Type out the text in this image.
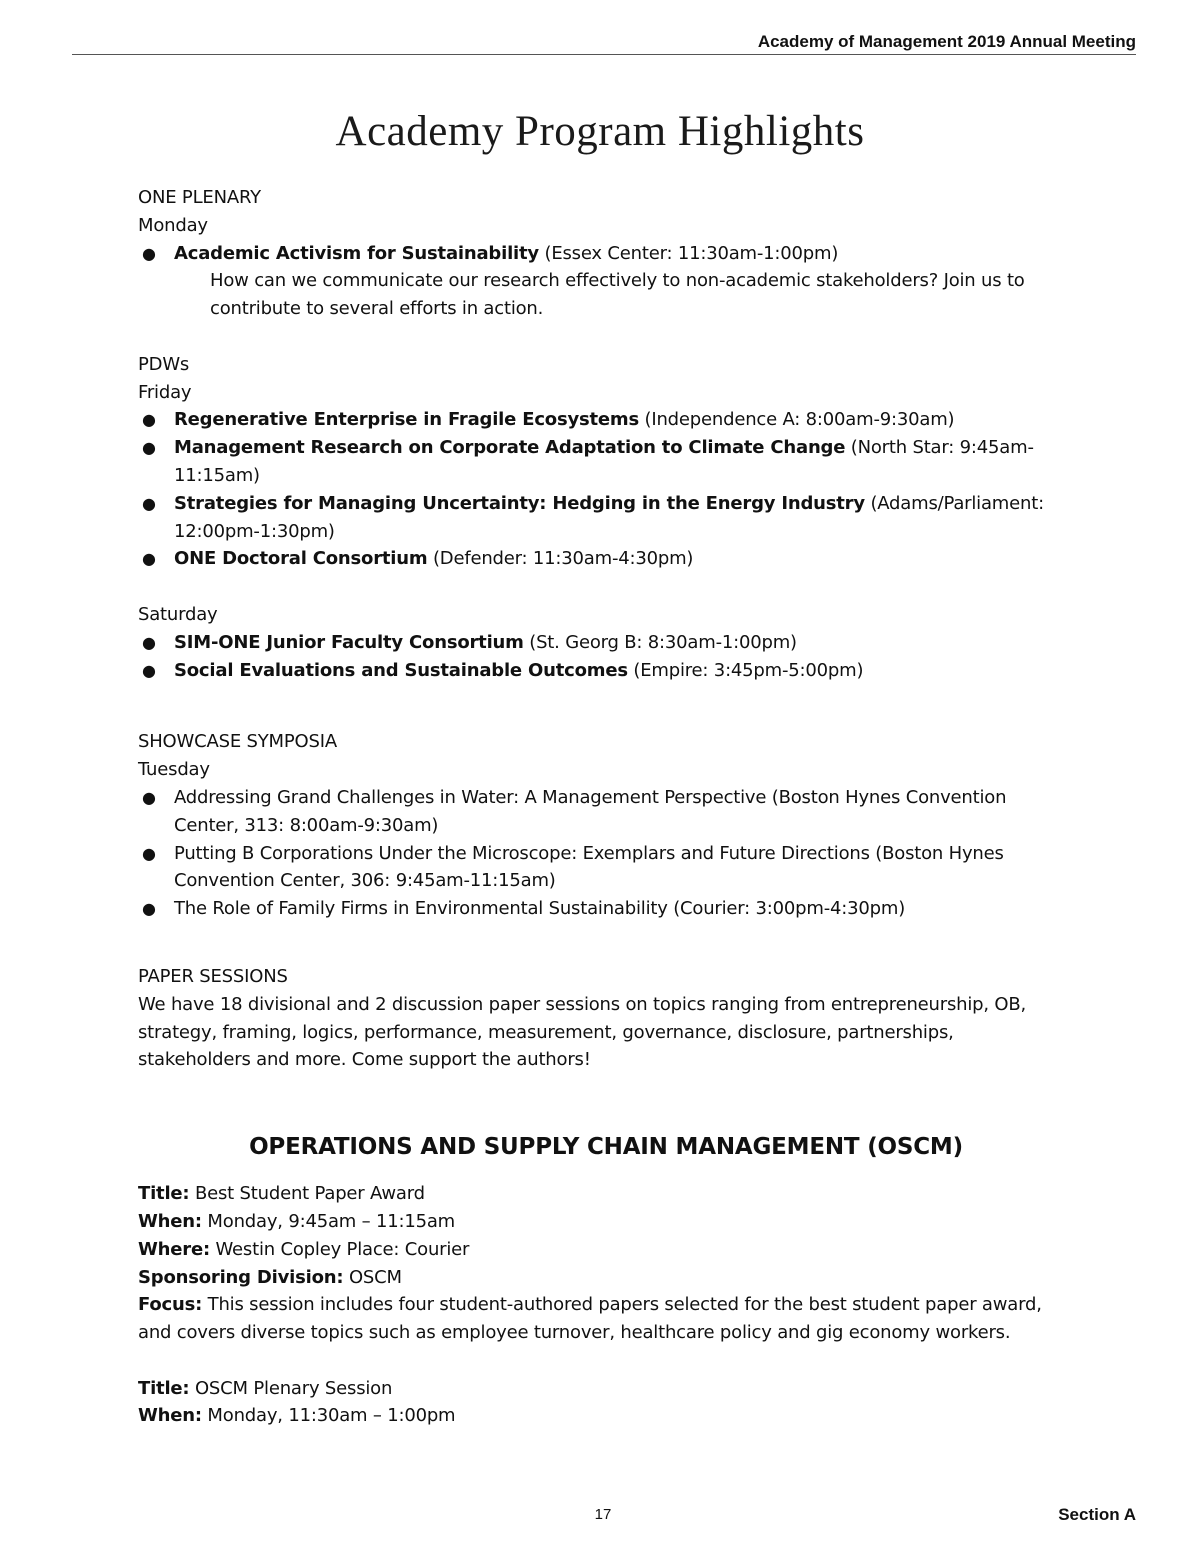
Academy of Management 2019 Annual Meeting
Academy Program Highlights

ONE PLENARY

Monday

● Academic Activism for Sustainability (Essex Center: 11:30am-1:00pm)

How can we communicate our research effectively to non-academic stakeholders? Join us to

contribute to several efforts in action.

PDWs

Friday

● Regenerative Enterprise in Fragile Ecosystems (Independence A: 8:00am-9:30am)
● Management Research on Corporate Adaptation to Climate Change (North Star: 9:45am-
11:15am)
● Strategies for Managing Uncertainty: Hedging in the Energy Industry (Adams/Parliament:
12:00pm-1:30pm)
● ONE Doctoral Consortium (Defender: 11:30am-4:30pm)

Saturday

● SIM-ONE Junior Faculty Consortium (St. Georg B: 8:30am-1:00pm)
● Social Evaluations and Sustainable Outcomes (Empire: 3:45pm-5:00pm)

SHOWCASE SYMPOSIA

Tuesday

● Addressing Grand Challenges in Water: A Management Perspective (Boston Hynes Convention
Center, 313: 8:00am-9:30am)
● Putting B Corporations Under the Microscope: Exemplars and Future Directions (Boston Hynes
Convention Center, 306: 9:45am-11:15am)
● The Role of Family Firms in Environmental Sustainability (Courier: 3:00pm-4:30pm)

PAPER SESSIONS

We have 18 divisional and 2 discussion paper sessions on topics ranging from entrepreneurship, OB,

strategy, framing, logics, performance, measurement, governance, disclosure, partnerships,

stakeholders and more. Come support the authors!

OPERATIONS AND SUPPLY CHAIN MANAGEMENT (OSCM)

Title: Best Student Paper Award

When: Monday, 9:45am – 11:15am

Where: Westin Copley Place: Courier

Sponsoring Division: OSCM

Focus: This session includes four student-authored papers selected for the best student paper award,

and covers diverse topics such as employee turnover, healthcare policy and gig economy workers.

Title: OSCM Plenary Session

When: Monday, 11:30am – 1:00pm

17	Section A
